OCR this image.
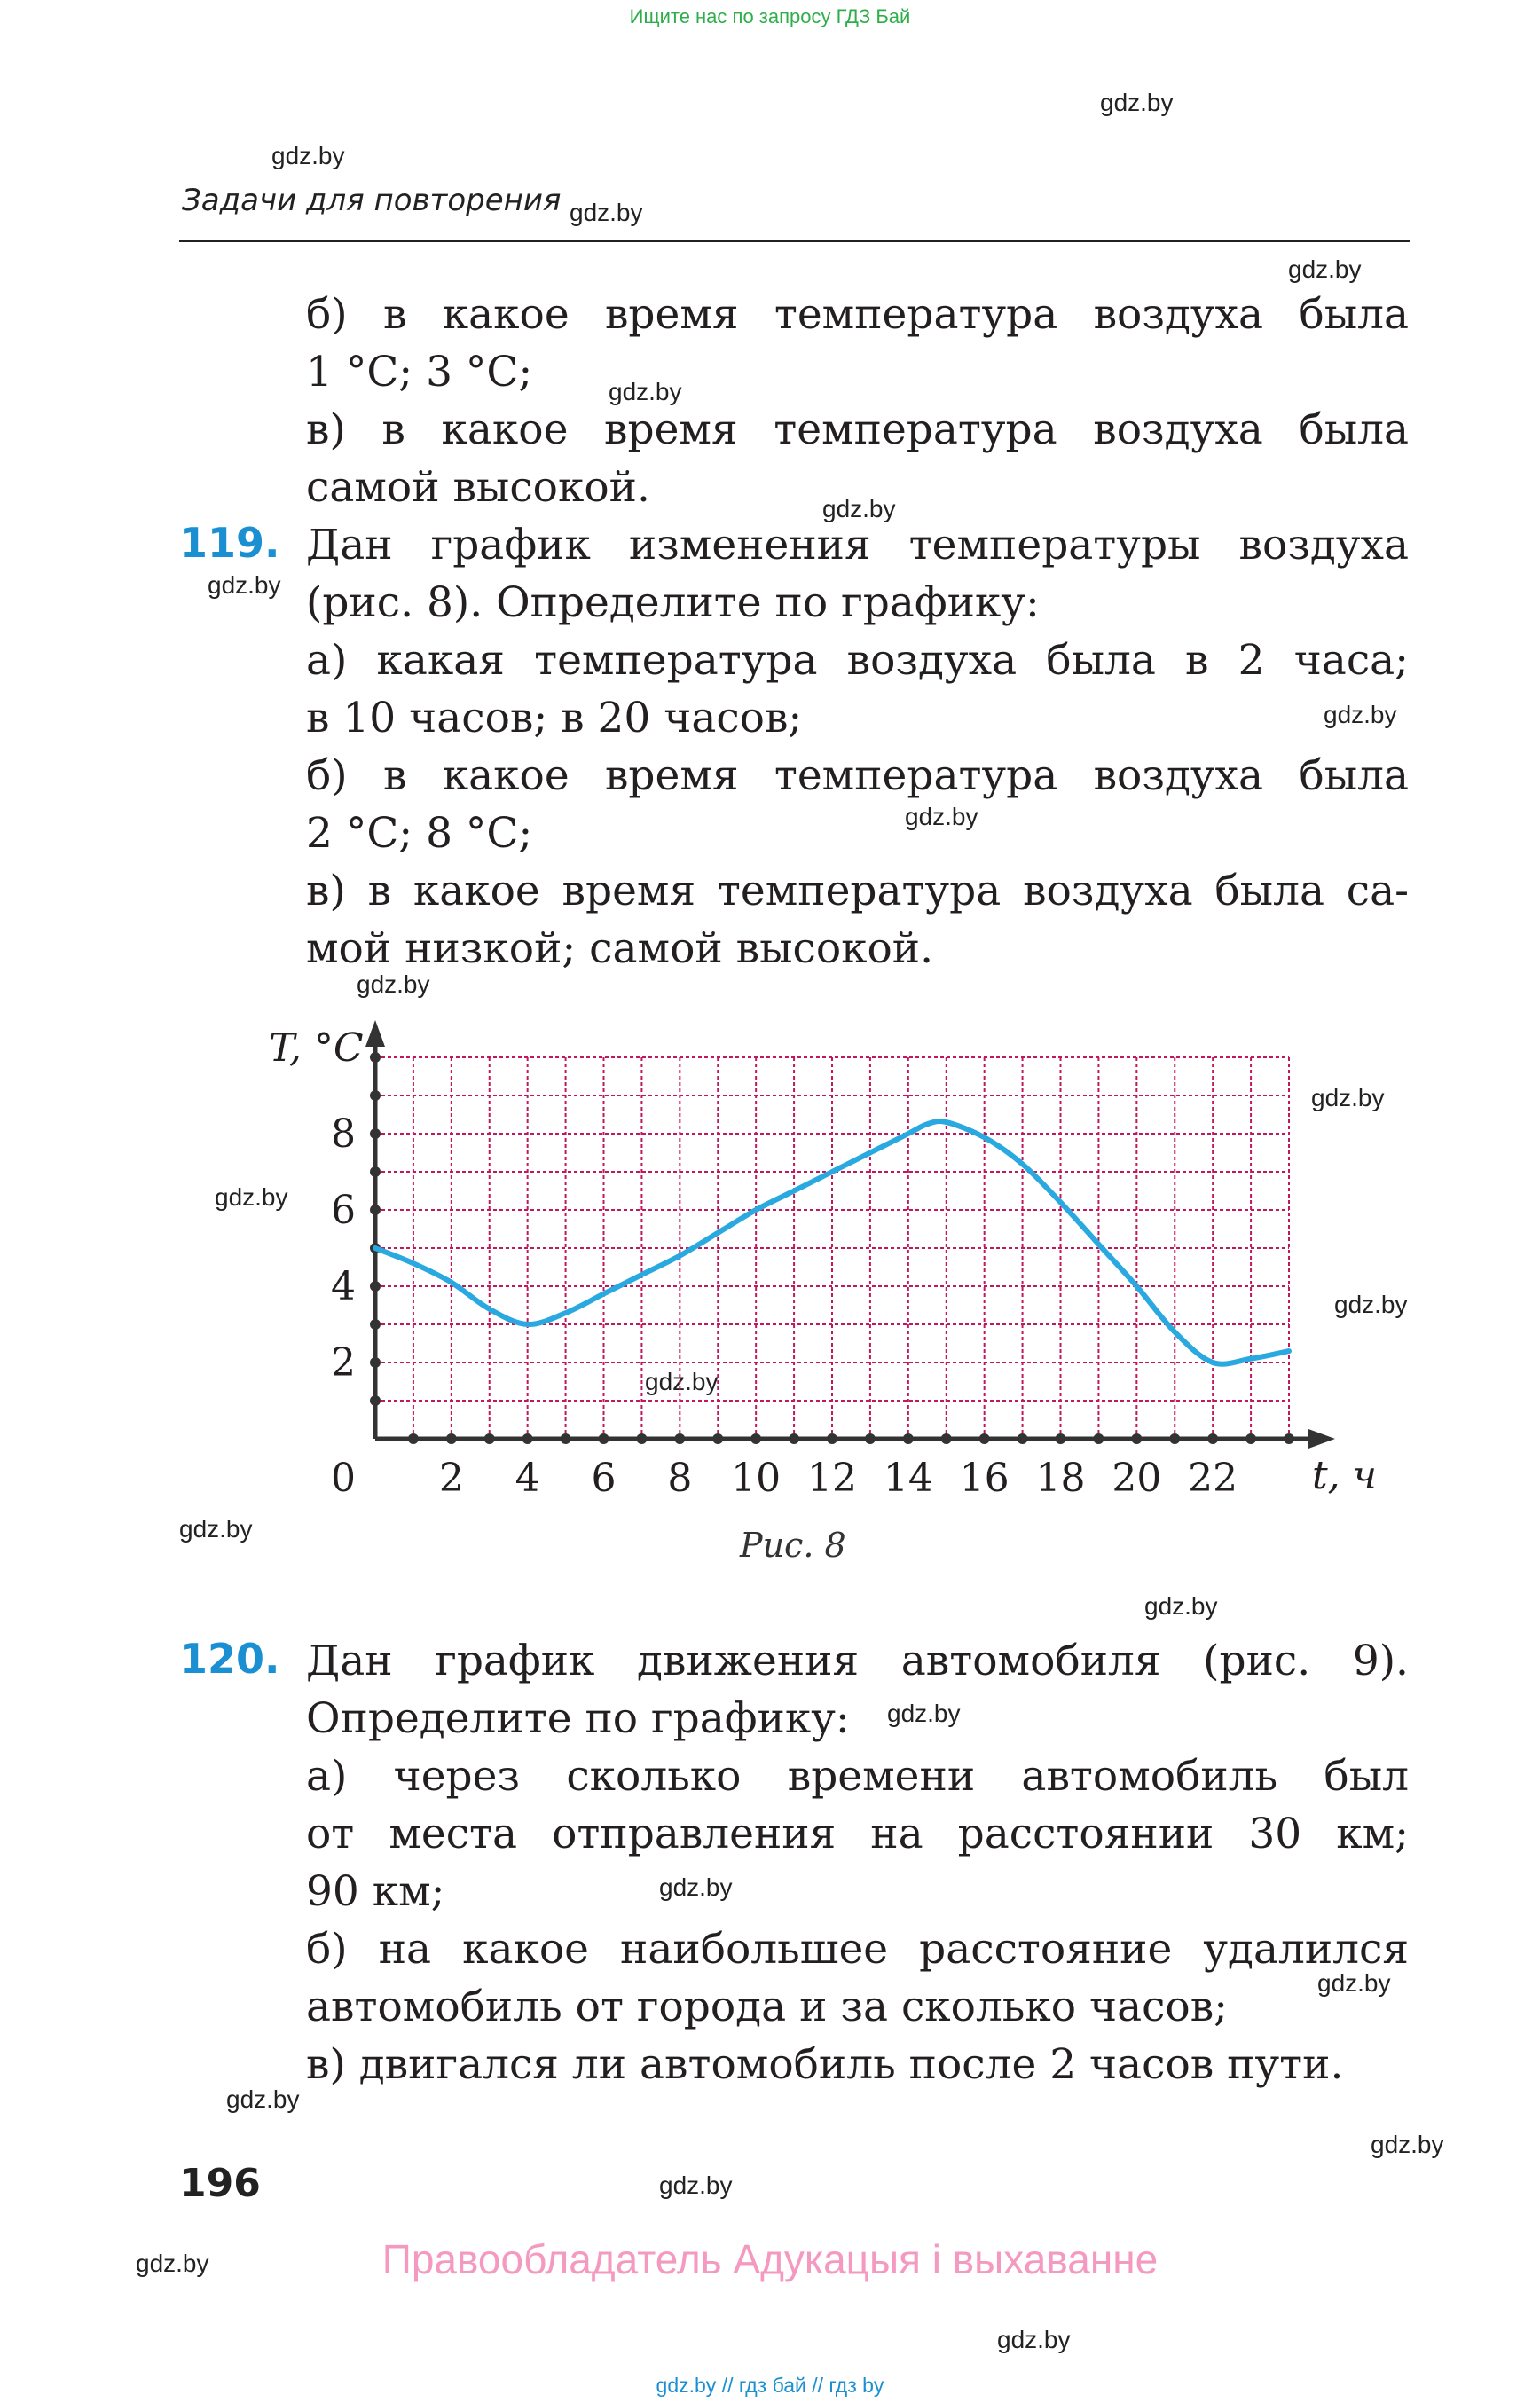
Ищите нас по запросу ГДЗ Бай
gdz.by
gdz.by
gdz.by
gdz.by
gdz.by
gdz.by
gdz.by
gdz.by
gdz.by
gdz.by
gdz.by
gdz.by
gdz.by
gdz.by
gdz.by
gdz.by
gdz.by
gdz.by
gdz.by
gdz.by
gdz.by
gdz.by
gdz.by
gdz.by
Задачи для повторения
б) в какое время температура воздуха была
1 °С; 3 °С;
в) в какое время температура воздуха была
самой высокой.
119. Дан график изменения температуры воздуха
(рис. 8). Определите по графику:
а) какая температура воздуха была в 2 часа;
в 10 часов; в 20 часов;
б) в какое время температура воздуха была
2 °С; 8 °С;
в) в какое время температура воздуха была са-
мой низкой; самой высокой.
0 2 4 6 8 10 12 14 16 18 20 22
2
4
6
8
T, °С
t, ч
Рис. 8
120. Дан график движения автомобиля (рис. 9).
Определите по графику:
а) через сколько времени автомобиль был
от места отправления на расстоянии 30 км;
90 км;
б) на какое наибольшее расстояние удалился
автомобиль от города и за сколько часов;
в) двигался ли автомобиль после 2 часов пути.
196
Правообладатель Адукацыя і выхаванне
gdz.by // гдз бай // гдз by
